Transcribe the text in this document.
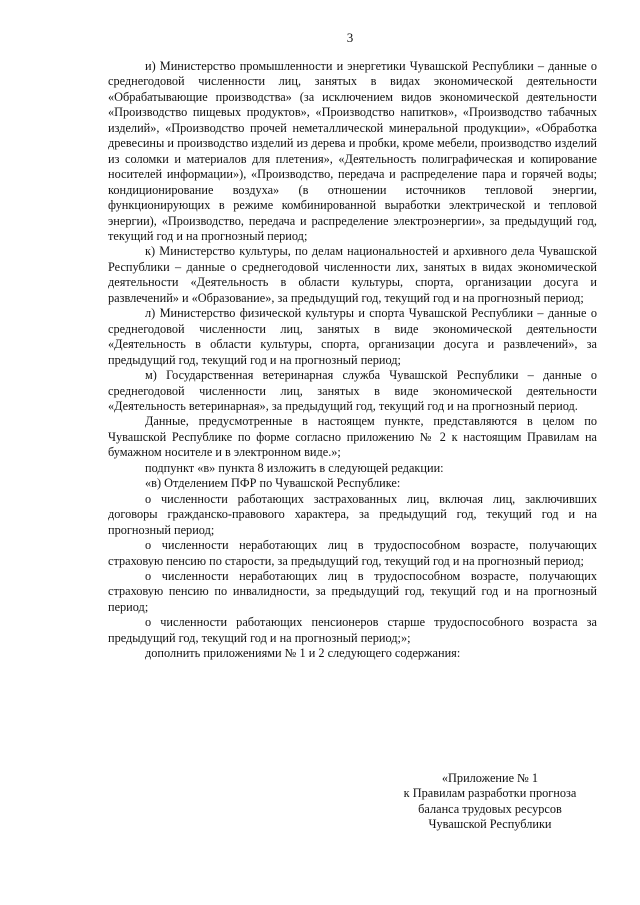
3

и) Министерство промышленности и энергетики Чувашской Республики – данные о среднегодовой численности лиц, занятых в видах экономической деятельности «Обрабатывающие производства» (за исключением видов экономической деятельности «Производство пищевых продуктов», «Производство напитков», «Производство табачных изделий», «Производство прочей неметаллической минеральной продукции», «Обработка древесины и производство изделий из дерева и пробки, кроме мебели, производство изделий из соломки и материалов для плетения», «Деятельность полиграфическая и копирование носителей информации»), «Производство, передача и распределение пара и горячей воды; кондиционирование воздуха» (в отношении источников тепловой энергии, функционирующих в режиме комбинированной выработки электрической и тепловой энергии), «Производство, передача и распределение электроэнергии», за предыдущий год, текущий год и на прогнозный период;

к) Министерство культуры, по делам национальностей и архивного дела Чувашской Республики – данные о среднегодовой численности лих, занятых в видах экономической деятельности «Деятельность в области культуры, спорта, организации досуга и развлечений» и «Образование», за предыдущий год, текущий год и на прогнозный период;

л) Министерство физической культуры и спорта Чувашской Республики – данные о среднегодовой численности лиц, занятых в виде экономической деятельности «Деятельность в области культуры, спорта, организации досуга и развлечений», за предыдущий год, текущий год и на прогнозный период;

м) Государственная ветеринарная служба Чувашской Республики – данные о среднегодовой численности лиц, занятых в виде экономической деятельности «Деятельность ветеринарная», за предыдущий год, текущий год и на прогнозный период.

Данные, предусмотренные в настоящем пункте, представляются в целом по Чувашской Республике по форме согласно приложению № 2 к настоящим Правилам на бумажном носителе и в электронном виде.»;

подпункт «в» пункта 8 изложить в следующей редакции:

«в) Отделением ПФР по Чувашской Республике:

о численности работающих застрахованных лиц, включая лиц, заключивших договоры гражданско-правового характера, за предыдущий год, текущий год и на прогнозный период;

о численности неработающих лиц в трудоспособном возрасте, получающих страховую пенсию по старости, за предыдущий год, текущий год и на прогнозный период;

о численности неработающих лиц в трудоспособном возрасте, получающих страховую пенсию по инвалидности, за предыдущий год, текущий год и на прогнозный период;

о численности работающих пенсионеров старше трудоспособного возраста за предыдущий год, текущий год и на прогнозный период;»;

дополнить приложениями № 1 и 2 следующего содержания:

«Приложение № 1
к Правилам разработки прогноза
баланса трудовых ресурсов
Чувашской Республики
